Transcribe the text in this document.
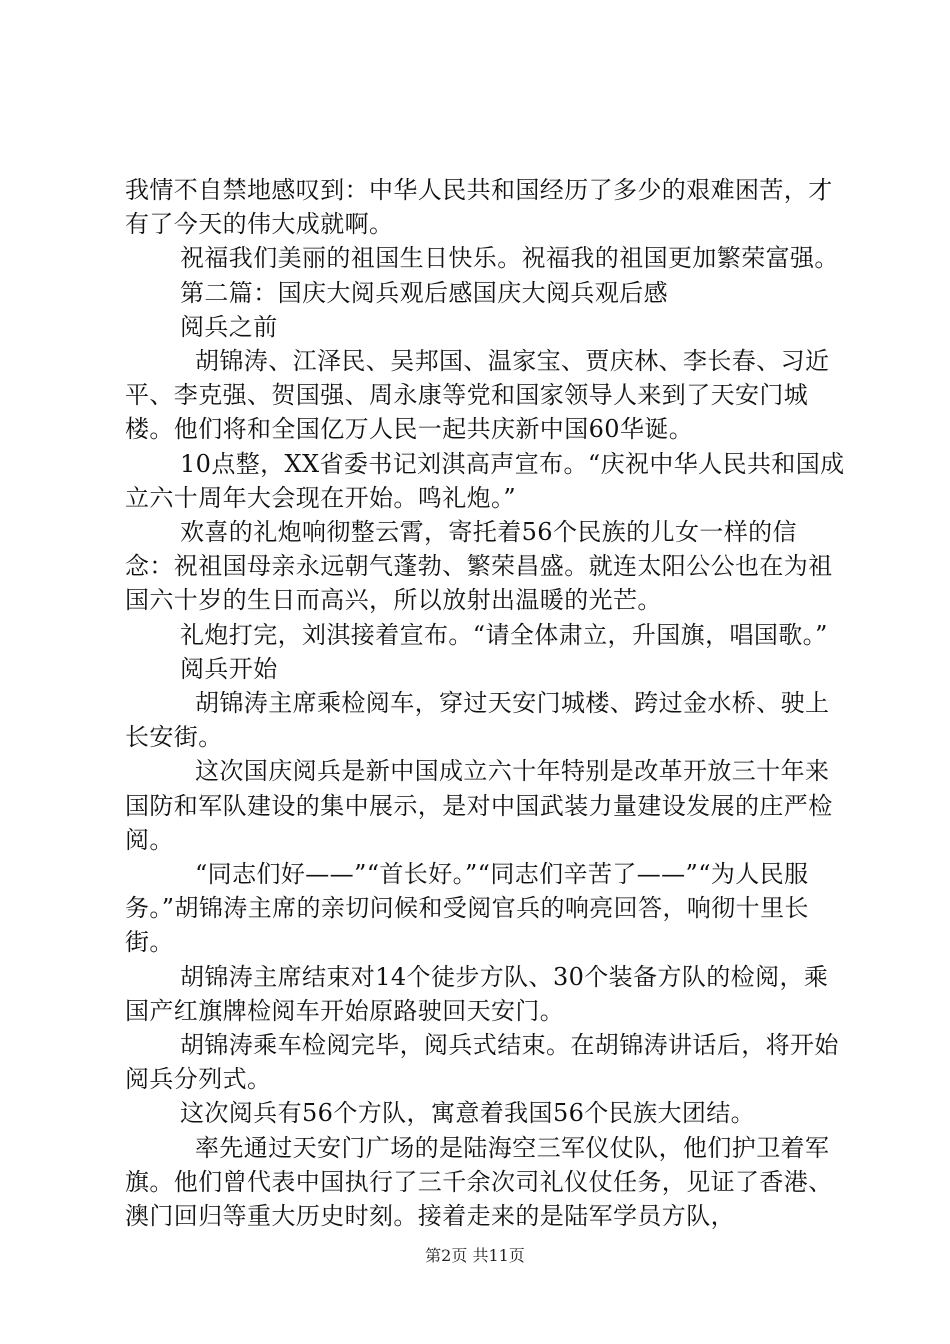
我情不自禁地感叹到：中华人民共和国经历了多少的艰难困苦，才有了今天的伟大成就啊。

祝福我们美丽的祖国生日快乐。祝福我的祖国更加繁荣富强。

第二篇：国庆大阅兵观后感国庆大阅兵观后感

阅兵之前

胡锦涛、江泽民、吴邦国、温家宝、贾庆林、李长春、习近平、李克强、贺国强、周永康等党和国家领导人来到了天安门城楼。他们将和全国亿万人民一起共庆新中国60华诞。

10点整，XX省委书记刘淇高声宣布。“庆祝中华人民共和国成立六十周年大会现在开始。鸣礼炮。”

欢喜的礼炮响彻整云霄，寄托着56个民族的儿女一样的信念：祝祖国母亲永远朝气蓬勃、繁荣昌盛。就连太阳公公也在为祖国六十岁的生日而高兴，所以放射出温暖的光芒。

礼炮打完，刘淇接着宣布。“请全体肃立，升国旗，唱国歌。”

阅兵开始

胡锦涛主席乘检阅车，穿过天安门城楼、跨过金水桥、驶上长安街。

这次国庆阅兵是新中国成立六十年特别是改革开放三十年来国防和军队建设的集中展示，是对中国武装力量建设发展的庄严检阅。

“同志们好——”“首长好。”“同志们辛苦了——”“为人民服务。”胡锦涛主席的亲切问候和受阅官兵的响亮回答，响彻十里长街。

胡锦涛主席结束对14个徒步方队、30个装备方队的检阅，乘国产红旗牌检阅车开始原路驶回天安门。

胡锦涛乘车检阅完毕，阅兵式结束。在胡锦涛讲话后，将开始阅兵分列式。

这次阅兵有56个方队，寓意着我国56个民族大团结。

率先通过天安门广场的是陆海空三军仪仗队，他们护卫着军旗。他们曾代表中国执行了三千余次司礼仪仗任务，见证了香港、澳门回归等重大历史时刻。接着走来的是陆军学员方队，

第2页 共11页
